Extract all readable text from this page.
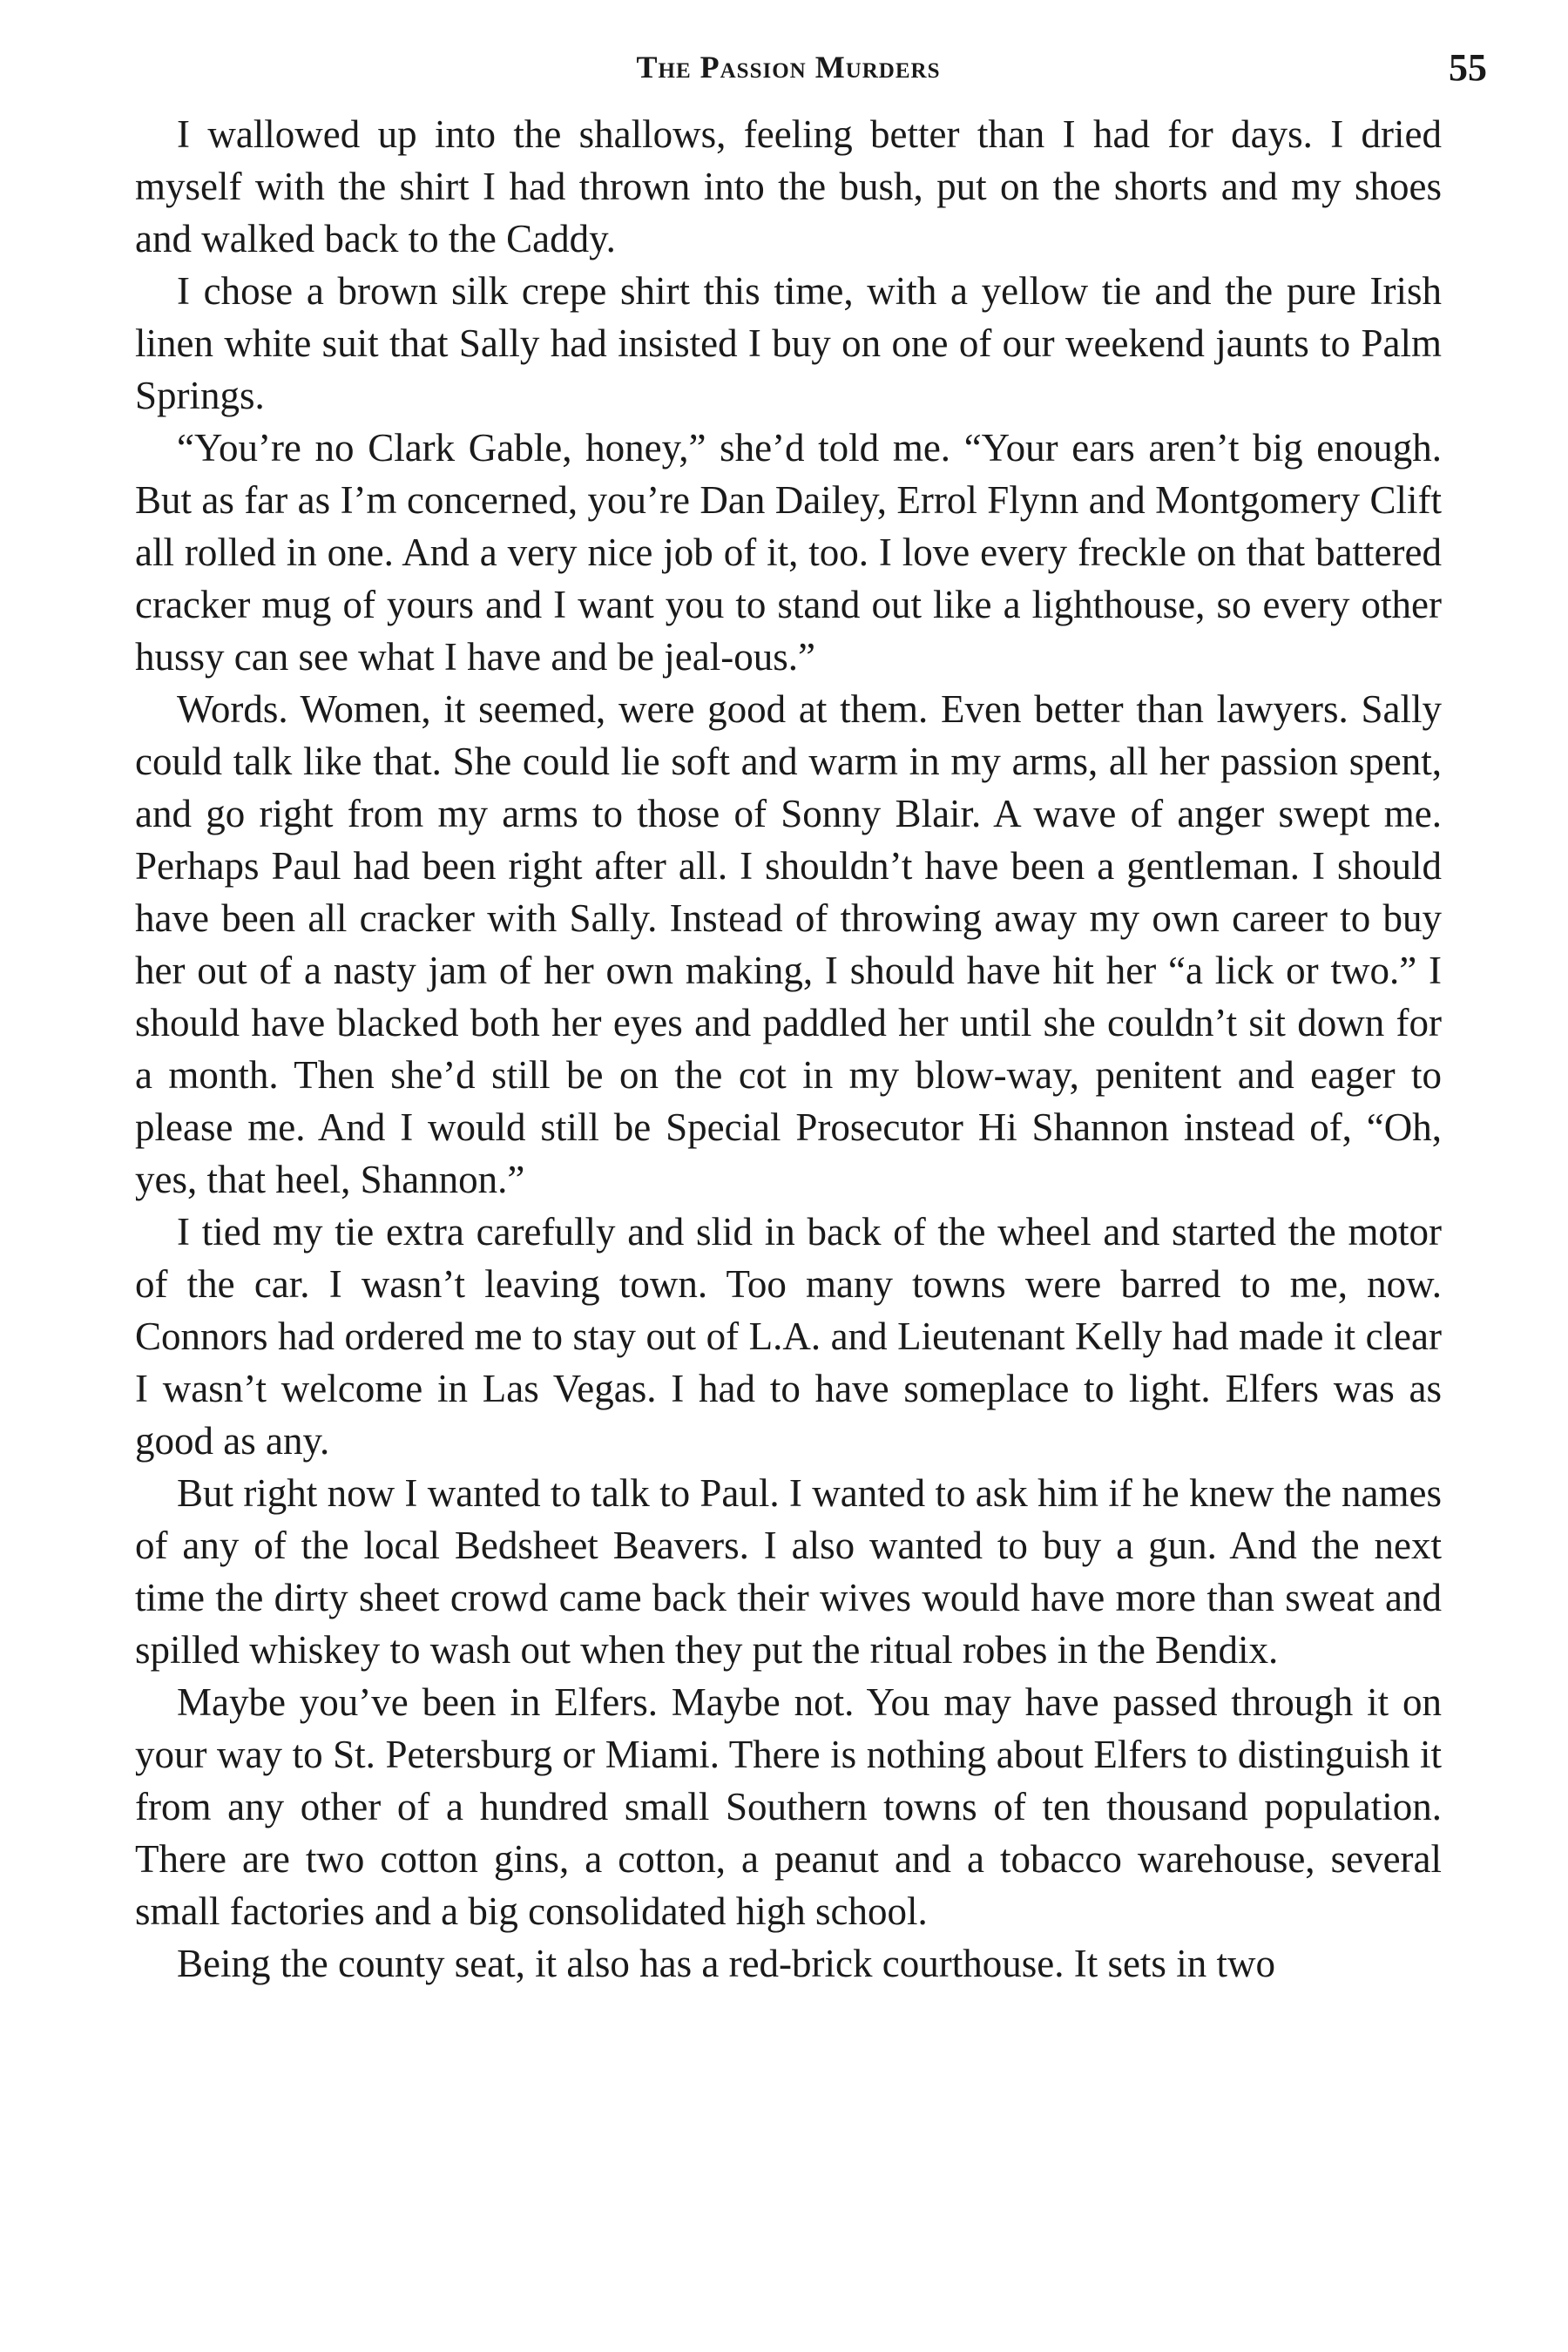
The Passion Murders	55

I wallowed up into the shallows, feeling better than I had for days. I dried myself with the shirt I had thrown into the bush, put on the shorts and my shoes and walked back to the Caddy.

I chose a brown silk crepe shirt this time, with a yellow tie and the pure Irish linen white suit that Sally had insisted I buy on one of our weekend jaunts to Palm Springs.

“You’re no Clark Gable, honey,” she’d told me. “Your ears aren’t big enough. But as far as I’m concerned, you’re Dan Dailey, Errol Flynn and Montgomery Clift all rolled in one. And a very nice job of it, too. I love every freckle on that battered cracker mug of yours and I want you to stand out like a lighthouse, so every other hussy can see what I have and be jeal-ous.”

Words. Women, it seemed, were good at them. Even better than lawyers. Sally could talk like that. She could lie soft and warm in my arms, all her passion spent, and go right from my arms to those of Sonny Blair. A wave of anger swept me. Perhaps Paul had been right after all. I shouldn’t have been a gentleman. I should have been all cracker with Sally. Instead of throwing away my own career to buy her out of a nasty jam of her own making, I should have hit her “a lick or two.” I should have blacked both her eyes and paddled her until she couldn’t sit down for a month. Then she’d still be on the cot in my blow-way, penitent and eager to please me. And I would still be Special Prosecutor Hi Shannon instead of, “Oh, yes, that heel, Shannon.”

I tied my tie extra carefully and slid in back of the wheel and started the motor of the car. I wasn’t leaving town. Too many towns were barred to me, now. Connors had ordered me to stay out of L.A. and Lieutenant Kelly had made it clear I wasn’t welcome in Las Vegas. I had to have someplace to light. Elfers was as good as any.

But right now I wanted to talk to Paul. I wanted to ask him if he knew the names of any of the local Bedsheet Beavers. I also wanted to buy a gun. And the next time the dirty sheet crowd came back their wives would have more than sweat and spilled whiskey to wash out when they put the ritual robes in the Bendix.

Maybe you’ve been in Elfers. Maybe not. You may have passed through it on your way to St. Petersburg or Miami. There is nothing about Elfers to distinguish it from any other of a hundred small Southern towns of ten thousand population. There are two cotton gins, a cotton, a peanut and a tobacco warehouse, several small factories and a big consolidated high school.

Being the county seat, it also has a red-brick courthouse. It sets in two
